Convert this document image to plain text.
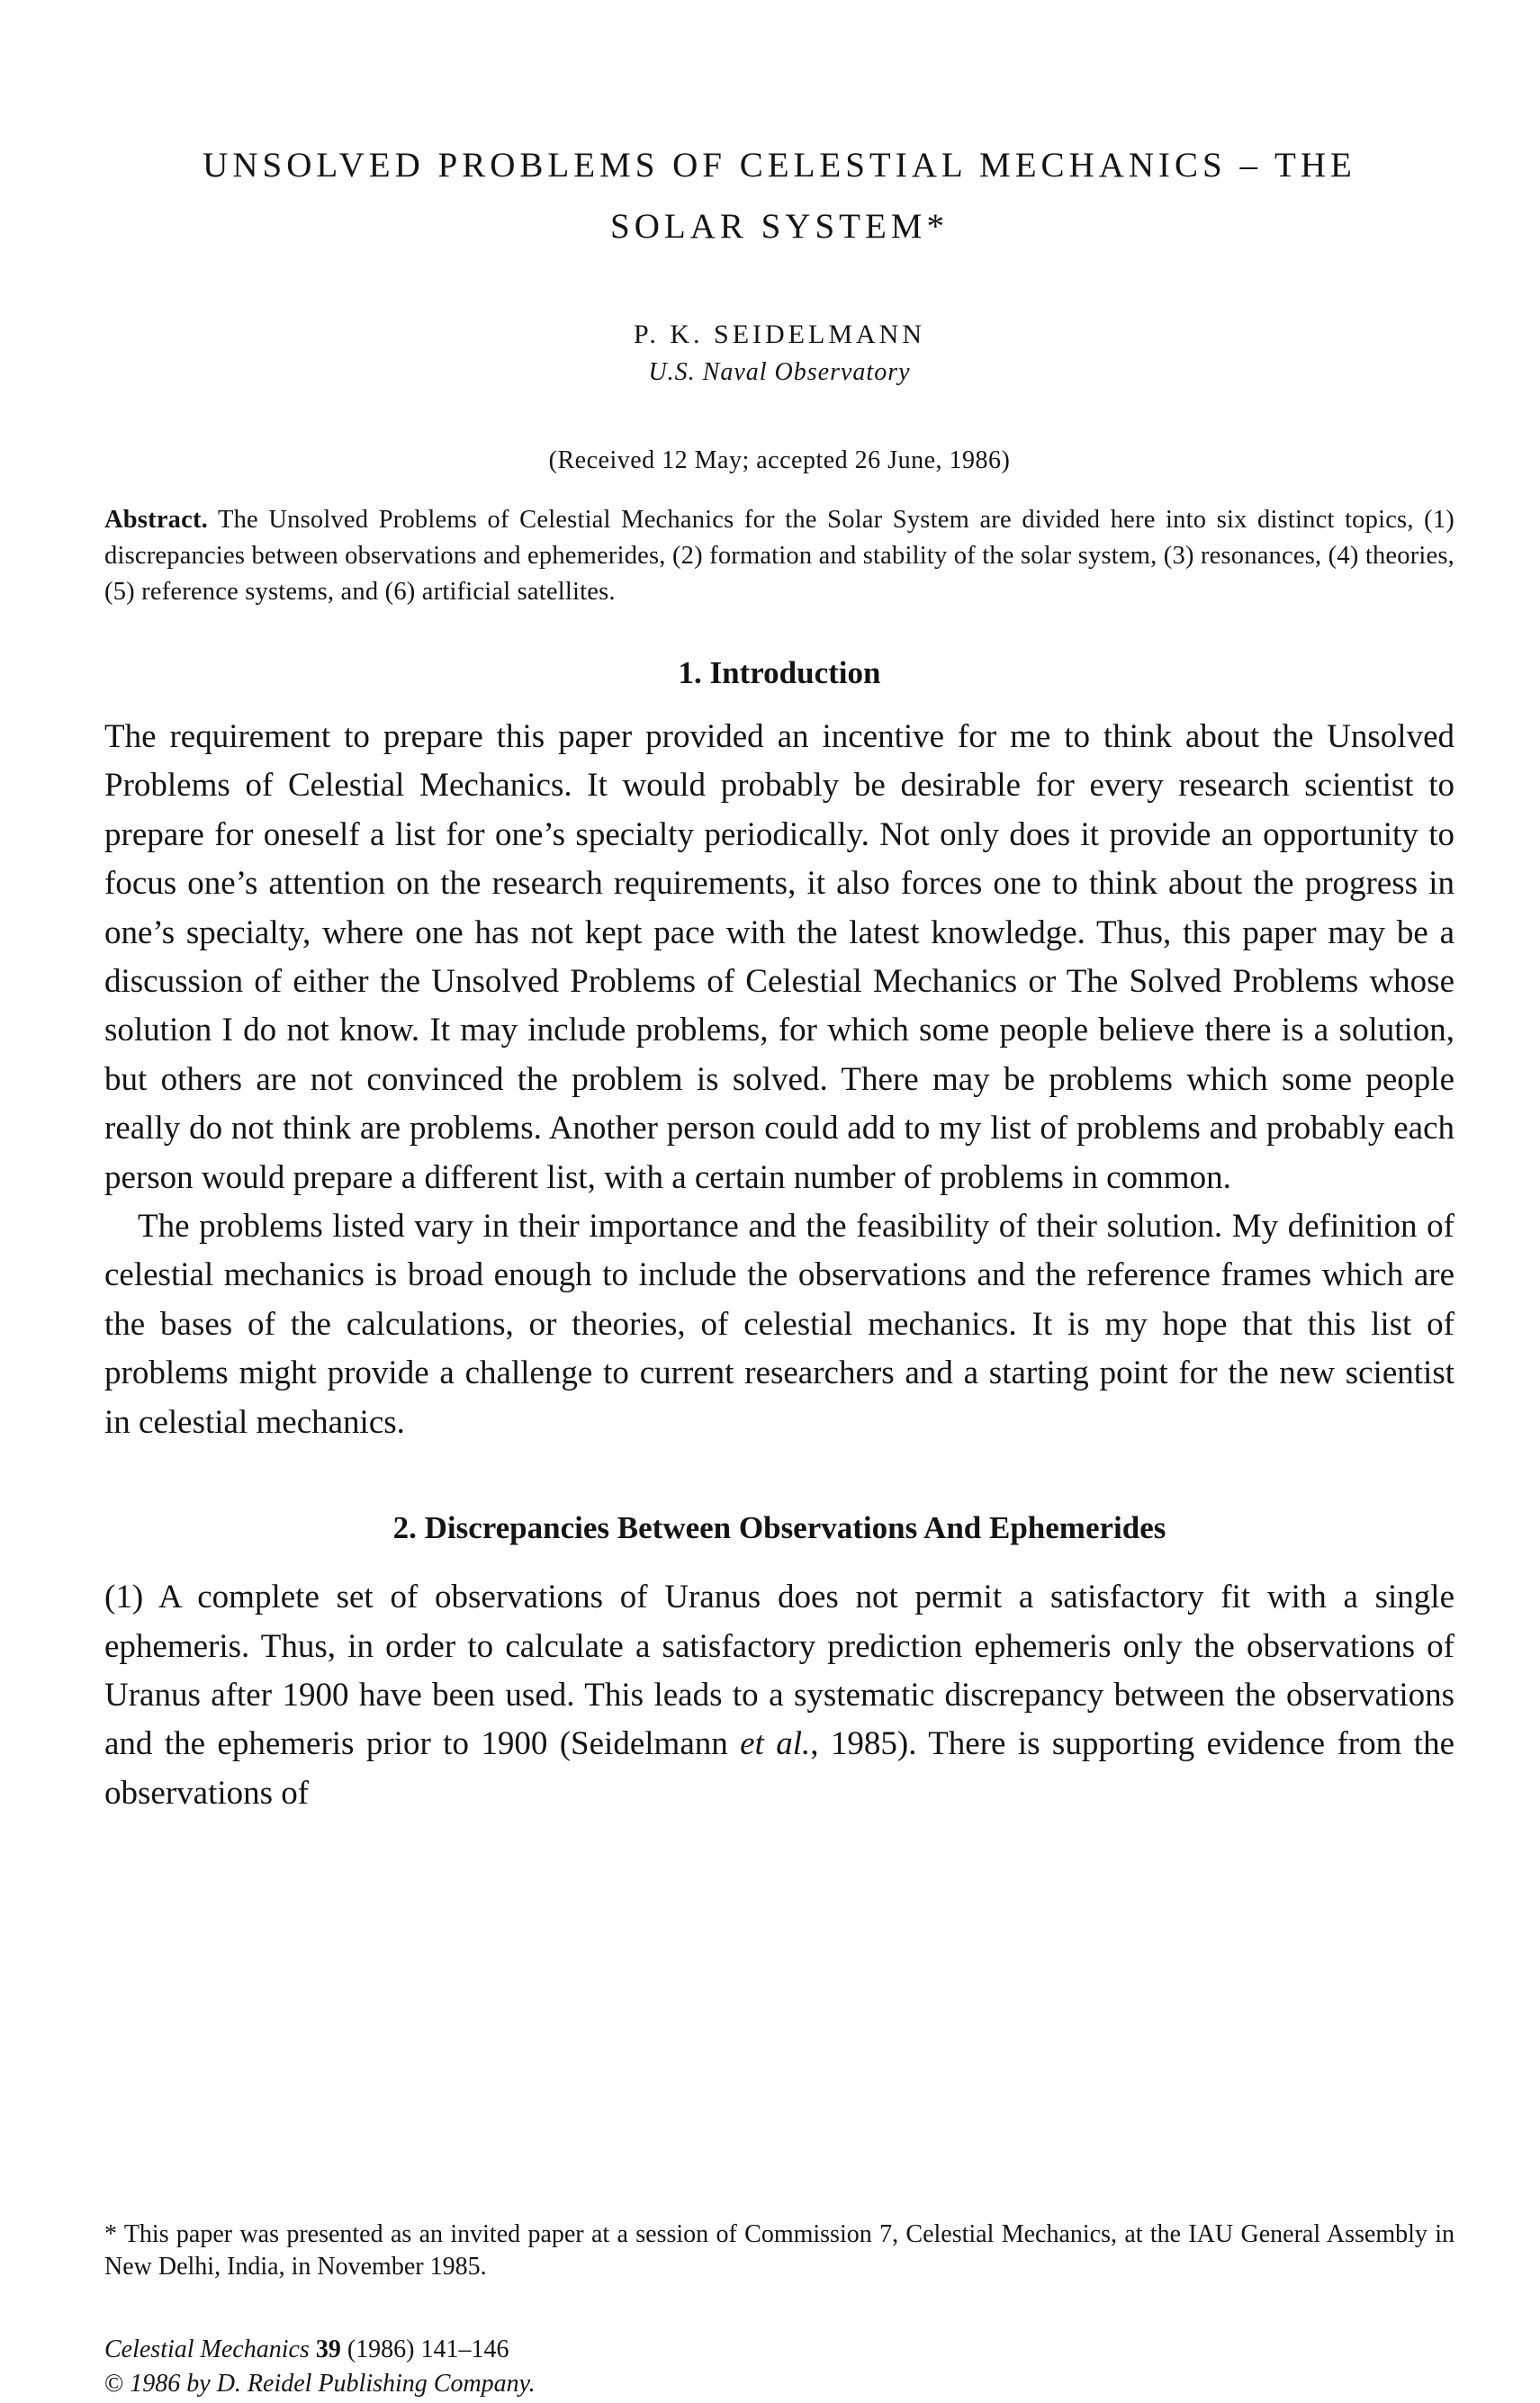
UNSOLVED PROBLEMS OF CELESTIAL MECHANICS – THE
SOLAR SYSTEM*
P. K. SEIDELMANN
U.S. Naval Observatory
(Received 12 May; accepted 26 June, 1986)

Abstract. The Unsolved Problems of Celestial Mechanics for the Solar System are divided here into six distinct topics, (1) discrepancies between observations and ephemerides, (2) formation and stability of the solar system, (3) resonances, (4) theories, (5) reference systems, and (6) artificial satellites.

1. Introduction

The requirement to prepare this paper provided an incentive for me to think about the Unsolved Problems of Celestial Mechanics. It would probably be desirable for every research scientist to prepare for oneself a list for one’s specialty periodically. Not only does it provide an opportunity to focus one’s attention on the research requirements, it also forces one to think about the progress in one’s specialty, where one has not kept pace with the latest knowledge. Thus, this paper may be a discussion of either the Unsolved Problems of Celestial Mechanics or The Solved Problems whose solution I do not know. It may include problems, for which some people believe there is a solution, but others are not convinced the problem is solved. There may be problems which some people really do not think are problems. Another person could add to my list of problems and probably each person would prepare a different list, with a certain number of problems in common.

The problems listed vary in their importance and the feasibility of their solution. My definition of celestial mechanics is broad enough to include the observations and the reference frames which are the bases of the calculations, or theories, of celestial mechanics. It is my hope that this list of problems might provide a challenge to current researchers and a starting point for the new scientist in celestial mechanics.

2. Discrepancies Between Observations And Ephemerides

(1) A complete set of observations of Uranus does not permit a satisfactory fit with a single ephemeris. Thus, in order to calculate a satisfactory prediction ephemeris only the observations of Uranus after 1900 have been used. This leads to a systematic discrepancy between the observations and the ephemeris prior to 1900 (Seidelmann et al., 1985). There is supporting evidence from the observations of

* This paper was presented as an invited paper at a session of Commission 7, Celestial Mechanics, at the IAU General Assembly in New Delhi, India, in November 1985.
Celestial Mechanics 39 (1986) 141–146
© 1986 by D. Reidel Publishing Company.
